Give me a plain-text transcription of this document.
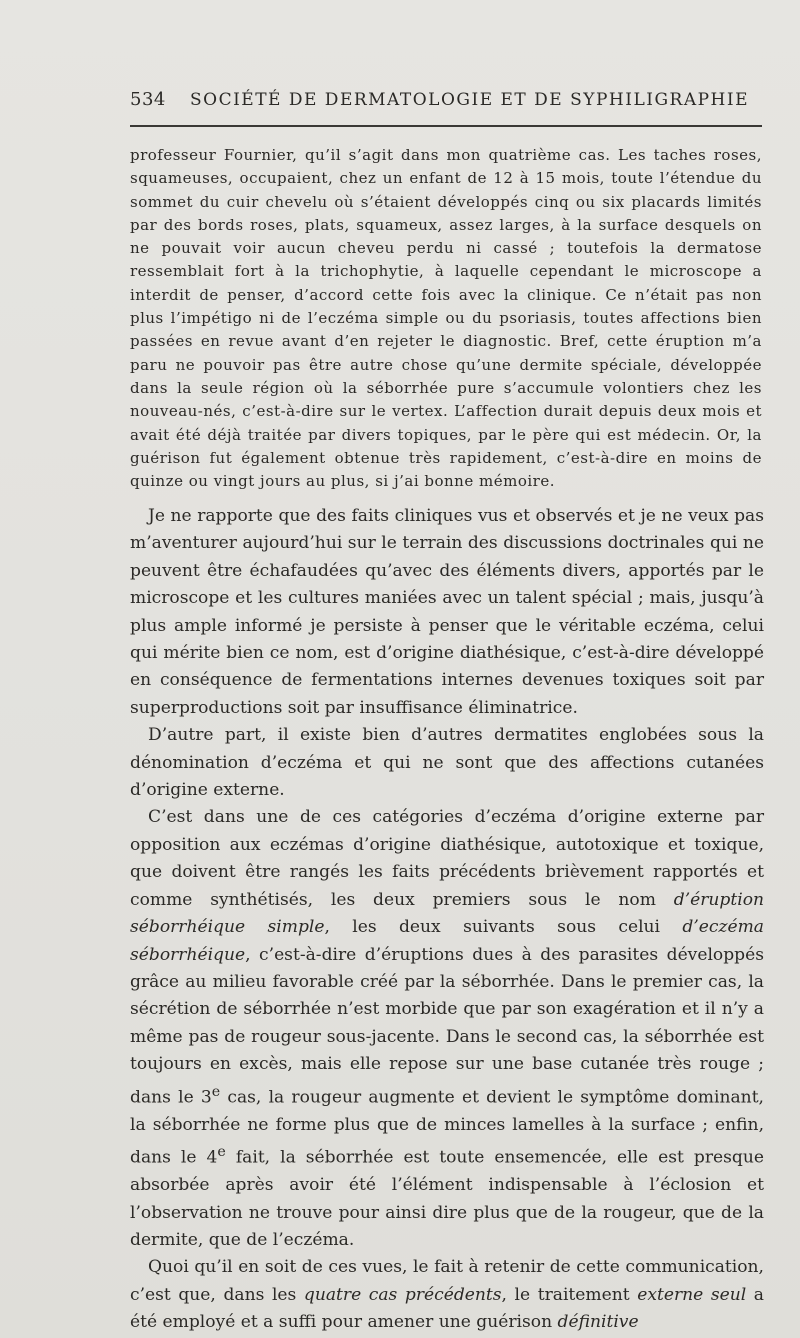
534	SOCIÉTÉ DE DERMATOLOGIE ET DE SYPHILIGRAPHIE

professeur Fournier, qu’il s’agit dans mon quatrième cas. Les taches roses, squameuses, occupaient, chez un enfant de 12 à 15 mois, toute l’étendue du sommet du cuir chevelu où s’étaient développés cinq ou six placards limités par des bords roses, plats, squameux, assez larges, à la surface desquels on ne pouvait voir aucun cheveu perdu ni cassé ; toutefois la dermatose ressemblait fort à la trichophytie, à laquelle cependant le microscope a interdit de penser, d’accord cette fois avec la clinique. Ce n’était pas non plus l’impétigo ni de l’eczéma simple ou du psoriasis, toutes affections bien passées en revue avant d’en rejeter le diagnostic. Bref, cette éruption m’a paru ne pouvoir pas être autre chose qu’une dermite spéciale, développée dans la seule région où la séborrhée pure s’accumule volontiers chez les nouveau-nés, c’est-à-dire sur le vertex. L’affection durait depuis deux mois et avait été déjà traitée par divers topiques, par le père qui est médecin. Or, la guérison fut également obtenue très rapidement, c’est-à-dire en moins de quinze ou vingt jours au plus, si j’ai bonne mémoire.

Je ne rapporte que des faits cliniques vus et observés et je ne veux pas m’aventurer aujourd’hui sur le terrain des discussions doctrinales qui ne peuvent être échafaudées qu’avec des éléments divers, apportés par le microscope et les cultures maniées avec un talent spécial ; mais, jusqu’à plus ample informé je persiste à penser que le véritable eczéma, celui qui mérite bien ce nom, est d’origine diathésique, c’est-à-dire développé en conséquence de fermentations internes devenues toxiques soit par superproductions soit par insuffisance éliminatrice.

D’autre part, il existe bien d’autres dermatites englobées sous la dénomination d’eczéma et qui ne sont que des affections cutanées d’origine externe.

C’est dans une de ces catégories d’eczéma d’origine externe par opposition aux eczémas d’origine diathésique, autotoxique et toxique, que doivent être rangés les faits précédents brièvement rapportés et comme synthétisés, les deux premiers sous le nom d’éruption séborrhéique simple, les deux suivants sous celui d’eczéma séborrhéique, c’est-à-dire d’éruptions dues à des parasites développés grâce au milieu favorable créé par la séborrhée. Dans le premier cas, la sécrétion de séborrhée n’est morbide que par son exagération et il n’y a même pas de rougeur sous-jacente. Dans le second cas, la séborrhée est toujours en excès, mais elle repose sur une base cutanée très rouge ; dans le 3e cas, la rougeur augmente et devient le symptôme dominant, la séborrhée ne forme plus que de minces lamelles à la surface ; enfin, dans le 4e fait, la séborrhée est toute ensemencée, elle est presque absorbée après avoir été l’élément indispensable à l’éclosion et l’observation ne trouve pour ainsi dire plus que de la rougeur, que de la dermite, que de l’eczéma.

Quoi qu’il en soit de ces vues, le fait à retenir de cette communication, c’est que, dans les quatre cas précédents, le traitement externe seul a été employé et a suffi pour amener une guérison définitive
